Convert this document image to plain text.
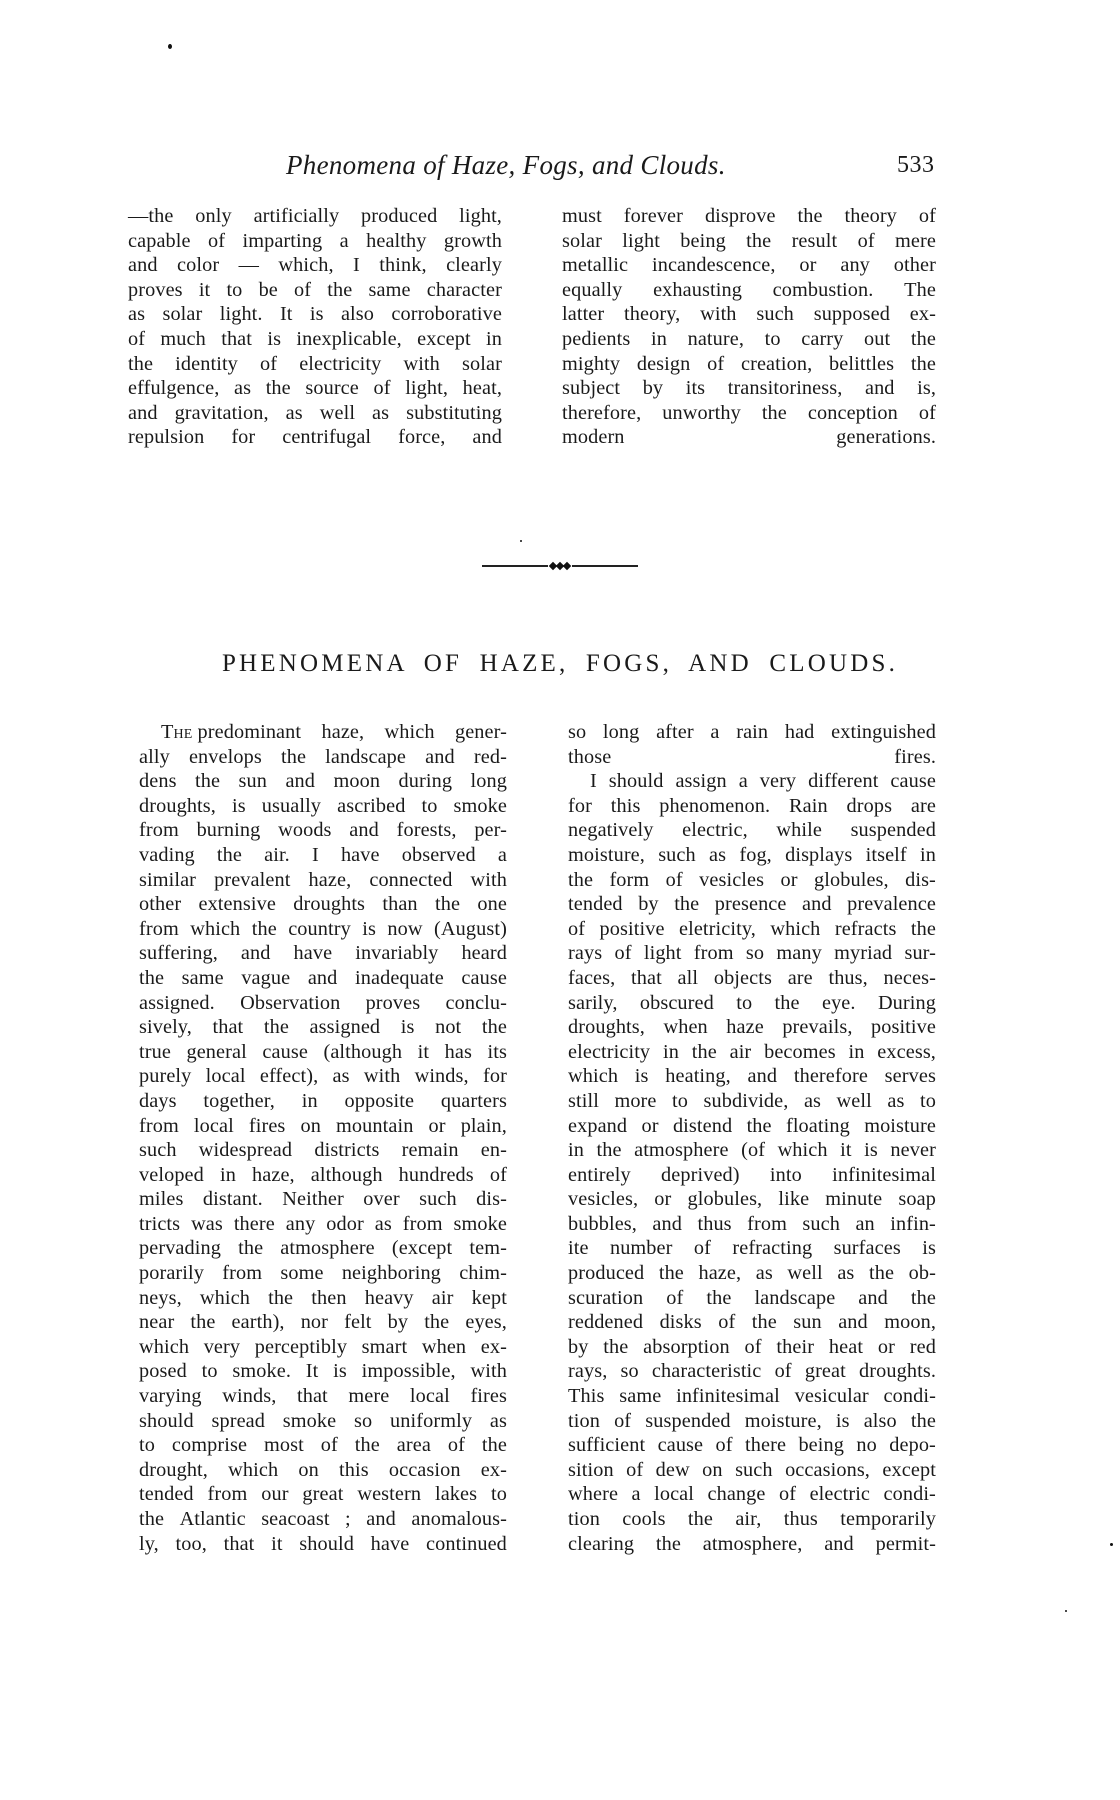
Phenomena of Haze, Fogs, and Clouds.	533
—the only artificially produced light,
capable of imparting a healthy growth
and color — which, I think, clearly
proves it to be of the same character
as solar light. It is also corroborative
of much that is inexplicable, except in
the identity of electricity with solar
effulgence, as the source of light, heat,
and gravitation, as well as substituting
repulsion for centrifugal force, and
must forever disprove the theory of
solar light being the result of mere
metallic incandescence, or any other
equally exhausting combustion. The
latter theory, with such supposed ex-
pedients in nature, to carry out the
mighty design of creation, belittles the
subject by its transitoriness, and is,
therefore, unworthy the conception of
modern generations.
PHENOMENA OF HAZE, FOGS, AND CLOUDS.
The predominant haze, which gener-
ally envelops the landscape and red-
dens the sun and moon during long
droughts, is usually ascribed to smoke
from burning woods and forests, per-
vading the air. I have observed a
similar prevalent haze, connected with
other extensive droughts than the one
from which the country is now (August)
suffering, and have invariably heard
the same vague and inadequate cause
assigned. Observation proves conclu-
sively, that the assigned is not the
true general cause (although it has its
purely local effect), as with winds, for
days together, in opposite quarters
from local fires on mountain or plain,
such widespread districts remain en-
veloped in haze, although hundreds of
miles distant. Neither over such dis-
tricts was there any odor as from smoke
pervading the atmosphere (except tem-
porarily from some neighboring chim-
neys, which the then heavy air kept
near the earth), nor felt by the eyes,
which very perceptibly smart when ex-
posed to smoke. It is impossible, with
varying winds, that mere local fires
should spread smoke so uniformly as
to comprise most of the area of the
drought, which on this occasion ex-
tended from our great western lakes to
the Atlantic seacoast ; and anomalous-
ly, too, that it should have continued
so long after a rain had extinguished
those fires.
I should assign a very different cause
for this phenomenon. Rain drops are
negatively electric, while suspended
moisture, such as fog, displays itself in
the form of vesicles or globules, dis-
tended by the presence and prevalence
of positive eletricity, which refracts the
rays of light from so many myriad sur-
faces, that all objects are thus, neces-
sarily, obscured to the eye. During
droughts, when haze prevails, positive
electricity in the air becomes in excess,
which is heating, and therefore serves
still more to subdivide, as well as to
expand or distend the floating moisture
in the atmosphere (of which it is never
entirely deprived) into infinitesimal
vesicles, or globules, like minute soap
bubbles, and thus from such an infin-
ite number of refracting surfaces is
produced the haze, as well as the ob-
scuration of the landscape and the
reddened disks of the sun and moon,
by the absorption of their heat or red
rays, so characteristic of great droughts.
This same infinitesimal vesicular condi-
tion of suspended moisture, is also the
sufficient cause of there being no depo-
sition of dew on such occasions, except
where a local change of electric condi-
tion cools the air, thus temporarily
clearing the atmosphere, and permit-
